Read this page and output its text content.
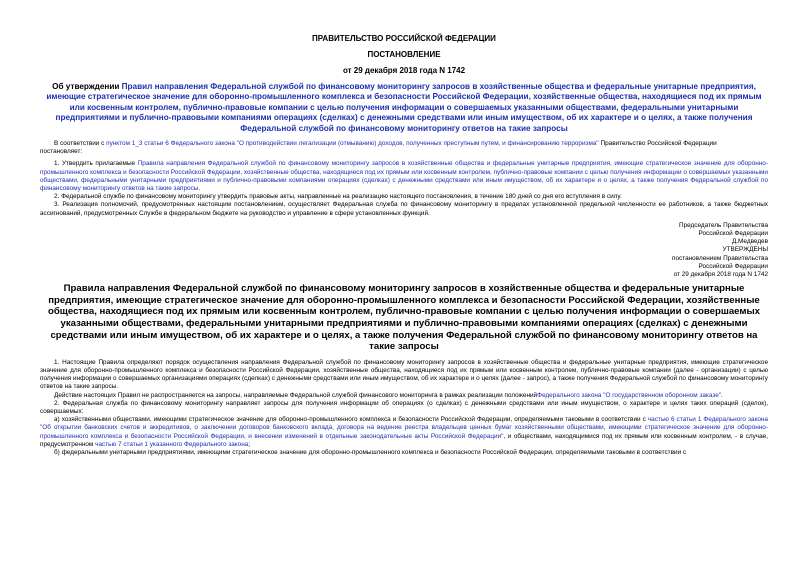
ПРАВИТЕЛЬСТВО РОССИЙСКОЙ ФЕДЕРАЦИИ
ПОСТАНОВЛЕНИЕ
от 29 декабря 2018 года N 1742
Об утверждении Правил направления Федеральной службой по финансовому мониторингу запросов в хозяйственные общества и федеральные унитарные предприятия, имеющие стратегическое значение для оборонно-промышленного комплекса и безопасности Российской Федерации, хозяйственные общества, находящиеся под их прямым или косвенным контролем, публично-правовые компании с целью получения информации о совершаемых указанными обществами, федеральными унитарными предприятиями и публично-правовыми компаниями операциях (сделках) с денежными средствами или иным имуществом, об их характере и о целях, а также получения Федеральной службой по финансовому мониторингу ответов на такие запросы

В соответствии с пунктом 1_3 статьи 6 Федерального закона "О противодействии легализации (отмыванию) доходов, полученных преступным путем, и финансированию терроризма" Правительство Российской Федерации

постановляет:

1. Утвердить прилагаемые Правила направления Федеральной службой по финансовому мониторингу запросов в хозяйственные общества и федеральные унитарные предприятия, имеющие стратегическое значение для оборонно-промышленного комплекса и безопасности Российской Федерации, хозяйственные общества, находящиеся под их прямым или косвенным контролем, публично-правовые компании с целью получения информации о совершаемых указанными обществами, федеральными унитарными предприятиями и публично-правовыми компаниями операциях (сделках) с денежными средствами или иным имуществом, об их характере и о целях, а также получения Федеральной службой по финансовому мониторингу ответов на такие запросы.

2. Федеральной службе по финансовому мониторингу утвердить правовые акты, направленные на реализацию настоящего постановления, в течение 180 дней со дня его вступления в силу.

3. Реализация полномочий, предусмотренных настоящим постановлением, осуществляет Федеральная служба по финансовому мониторингу в пределах установленной предельной численности ее работников, а также бюджетных ассигнований, предусмотренных Службе в федеральном бюджете на руководство и управление в сфере установленных функций.

Председатель Правительства
Российской Федерации
Д.Медведев
УТВЕРЖДЕНЫ
постановлением Правительства
Российской Федерации
от 29 декабря 2018 года N 1742
Правила направления Федеральной службой по финансовому мониторингу запросов в хозяйственные общества и федеральные унитарные предприятия, имеющие стратегическое значение для оборонно-промышленного комплекса и безопасности Российской Федерации, хозяйственные общества, находящиеся под их прямым или косвенным контролем, публично-правовые компании с целью получения информации о совершаемых указанными обществами, федеральными унитарными предприятиями и публично-правовыми компаниями операциях (сделках) с денежными средствами или иным имуществом, об их характере и о целях, а также получения Федеральной службой по финансовому мониторингу ответов на такие запросы

1. Настоящие Правила определяют порядок осуществления направления Федеральной службой по финансовому мониторингу запросов в хозяйственные общества и федеральные унитарные предприятия, имеющие стратегическое значение для оборонно-промышленного комплекса и безопасности Российской Федерации, хозяйственные общества, находящиеся под их прямым или косвенным контролем, публично-правовые компании (далее - организации) с целью получения информации о совершаемых организациями операциях (сделках) с денежными средствами или иным имуществом, об их характере и о целях (далее - запрос), а также получения Федеральной службой по финансовому мониторингу ответов на такие запросы.

Действие настоящих Правил не распространяется на запросы, направляемые Федеральной службой финансового мониторинга в рамках реализации положенийФедерального закона "О государственном оборонном заказе".

2. Федеральная служба по финансовому мониторингу направляет запросы для получения информации об операциях (о сделках) с денежными средствами или иным имуществом, о характере и целях таких операций (сделок), совершаемых:

а) хозяйственными обществами, имеющими стратегическое значение для оборонно-промышленного комплекса и безопасности Российской Федерации, определяемыми таковыми в соответствии с частью 6 статьи 1 Федерального закона "Об открытии банковских счетов и аккредитивов, о заключении договоров банковского вклада, договора на ведение реестра владельцев ценных бумаг хозяйственными обществами, имеющими стратегическое значение для оборонно-промышленного комплекса и безопасности Российской Федерации, и внесении изменений в отдельные законодательные акты Российской Федерации", и обществами, находящимися под их прямым или косвенным контролем, - в случае, предусмотренном частью 7 статьи 1 указанного Федерального закона;

б) федеральными унитарными предприятиями, имеющими стратегическое значение для оборонно-промышленного комплекса и безопасности Российской Федерации, определяемыми таковыми в соответствии с
